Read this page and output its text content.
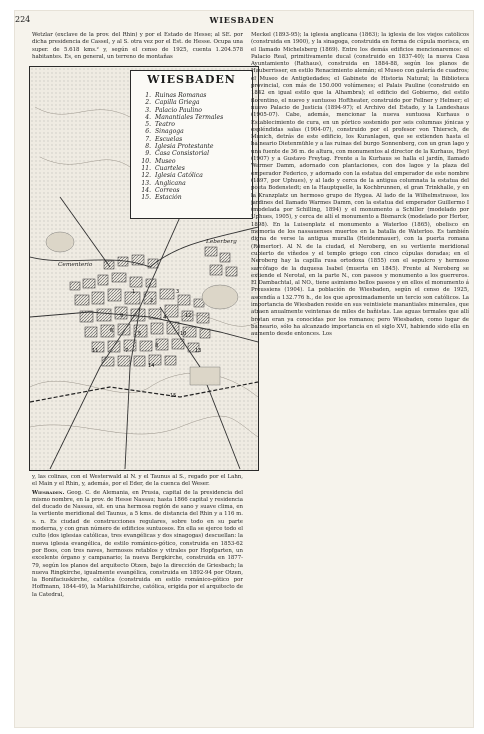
224	WIESBADEN

Wetzlar (exclave de la prov. del Rhin) y por el Estado de Hesse; al SE. por dicha presidencia de Cassel, y al S. otra vez por el Est. de Hesse. Ocupa una super. de 5.618 kms.² y, según el censo de 1925, cuenta 1.204.578 habitantes. Es, en general, un terreno de montañas

1
2
3
4
5
6
7
8
9
10
11
12
13
14
15
Cementerio
Leberberg
WIESBADEN
1. Ruinas Romanas
2. Capilla Griega
3. Palacio Paulino
4. Manantiales Termales
5. Teatro
6. Sinagoga
7. Escuelas
8. Iglesia Protestante
9. Casa Consistorial
10. Museo
11. Cuarteles
12. Iglesia Católica
13. Anglicana
14. Correos
15. Estación

y, las colinas, con el Westerwald al N. y el Taunus al S., regado por el Lahn, el Main y el Rhin, y, además, por el Eder, de la cuenca del Weser.

Wiesbaden. Geog. C. de Alemania, en Prusia, capital de la presidencia del mismo nombre, en la prov. de Hesse Nassau; hasta 1866 capital y residencia del ducado de Nassau, sit. en una hermosa región de sano y suave clima, en la vertiente meridional del Taunus, a 5 kms. de distancia del Rhin y a 116 m. s. n. Es ciudad de construcciones regulares, sobre todo en su parte moderna, y con gran número de edificios suntuosos. En ella se ejerce todo el culto (dos iglesias católicas, tres evangélicas y dos sinagogas) descuellan: la nueva iglesia evangélica, de estilo románico-gótico, construida en 1853-62 por Boos, con tres naves, hermosos retablos y vitrales por Hopfgarten, un excelente órgano y campanario; la nueva Bergkirche, construida en 1877-79, según los planos del arquitecto Otzen, bajo la dirección de Griesbach; la nueva Ringkirche, igualmente evangélica, construida en 1892-94 por Otzen, la Bonifaciuskirche, católica (construida en estilo románico-gótico por Hoffmann, 1844-49), la Mariahilfkirche, católica, erigida por el arquitecto de la Catedral,

Meckel (1893-95); la iglesia anglicana (1863); la iglesia de los viejos católicos (construida en 1900), y la sinagoga, construida en forma de cúpula morisca, en el llamado Michelsberg (1869). Entre los demás edificios mencionaremos: el Palacio Real, primitivamente ducal (construido en 1837-40); la nueva Casa Ayuntamiento (Rathaus), construida en 1884-88, según los planos de Hauberrisser, en estilo Renacimiento alemán; el Museo con galería de cuadros; el Museo de Antigüedades; el Gabinete de Historia Natural; la Biblioteca provincial, con más de 150.000 volúmenes; el Palais Pauline (construido en 1842 en igual estilo que la Alhambra); el edificio del Gobierno, del estilo florentino, el nuevo y suntuoso Hoftheater, construido por Fellner y Helmer; el nuevo Palacio de Justicia (1894-97); el Archivo del Estado, y la Landeshaus (1905-07). Cabe, además, mencionar la nueva suntuosa Kurhaus o Establecimiento de cura, en un pórtico sostenido por seis columnas jónicas y espléndidas salas (1904-07), construido por el profesor von Thiersch, de Munich, detrás de este edificio, los Kuranlagen, que se extienden hasta el balneario Dietenmühle y a las ruinas del burgo Sonnenberg, con un gran lago y una fuente de 36 m. de altura, con monumentos al director de la Kurhaus, Heyl (1907) y a Gustavo Freytag. Frente a la Kurhaus se halla el jardín, llamado Warmer Damm, adornado con plantaciones, con dos lagos y la plaza del emperador Federico, y adornado con la estatua del emperador de este nombre (1897, por Uphues), y al lado y cerca de la antigua columnata la estatua del poeta Bodenstedt; en la Hauptquelle, la Kochbrunnen, el gran Trinkhalle, y en la Kranzplatz un hermoso grupo de Hygea. Al lado de la Wilhelmstrasse, los jardines del llamado Warmes Damm, con la estatua del emperador Guillermo I (modelada por Schilling, 1894) y el monumento a Schiller (modelado por Uphues, 1905), y cerca de allí el monumento a Bismarck (modelado por Herter, 1898). En la Luisenplatz el monumento a Waterloo (1865), obelisco en memoria de los nassauenses muertos en la batalla de Waterloo. Es también digna de verse la antigua muralla (Heidenmauer), con la puerta romana (Römertor). Al N. de la ciudad, el Neroberg, en su vertiente meridional cubierto de viñedos y el templo griego con cinco cúpulas doradas; en el Neroberg hay la capilla rusa ortodoxa (1855) con el sepulcro y hermoso sarcófago de la duquesa Isabel (muerta en 1845). Frente al Neroberg se extiende el Nerotal, en la parte N., con paseos y monumento a los guerreros. El Dambachtal, al NO., tiene asimismo bellos paseos y en ellos el monumento á Preussiens (1904). La población de Wiesbaden, según el censo de 1925, ascendía a 132.776 h., de los que aproximadamente un tercio son católicos. La importancia de Wiesbaden reside en sus veintisiete manantiales minerales, que atraen anualmente veintenas de miles de bañistas. Las aguas termales que allí brotan eran ya conocidas por los romanos; pero Wiesbaden, como lugar de balneario, sólo ha alcanzado importancia en el siglo XVI, habiendo sido ella en aumento desde entonces. Los
